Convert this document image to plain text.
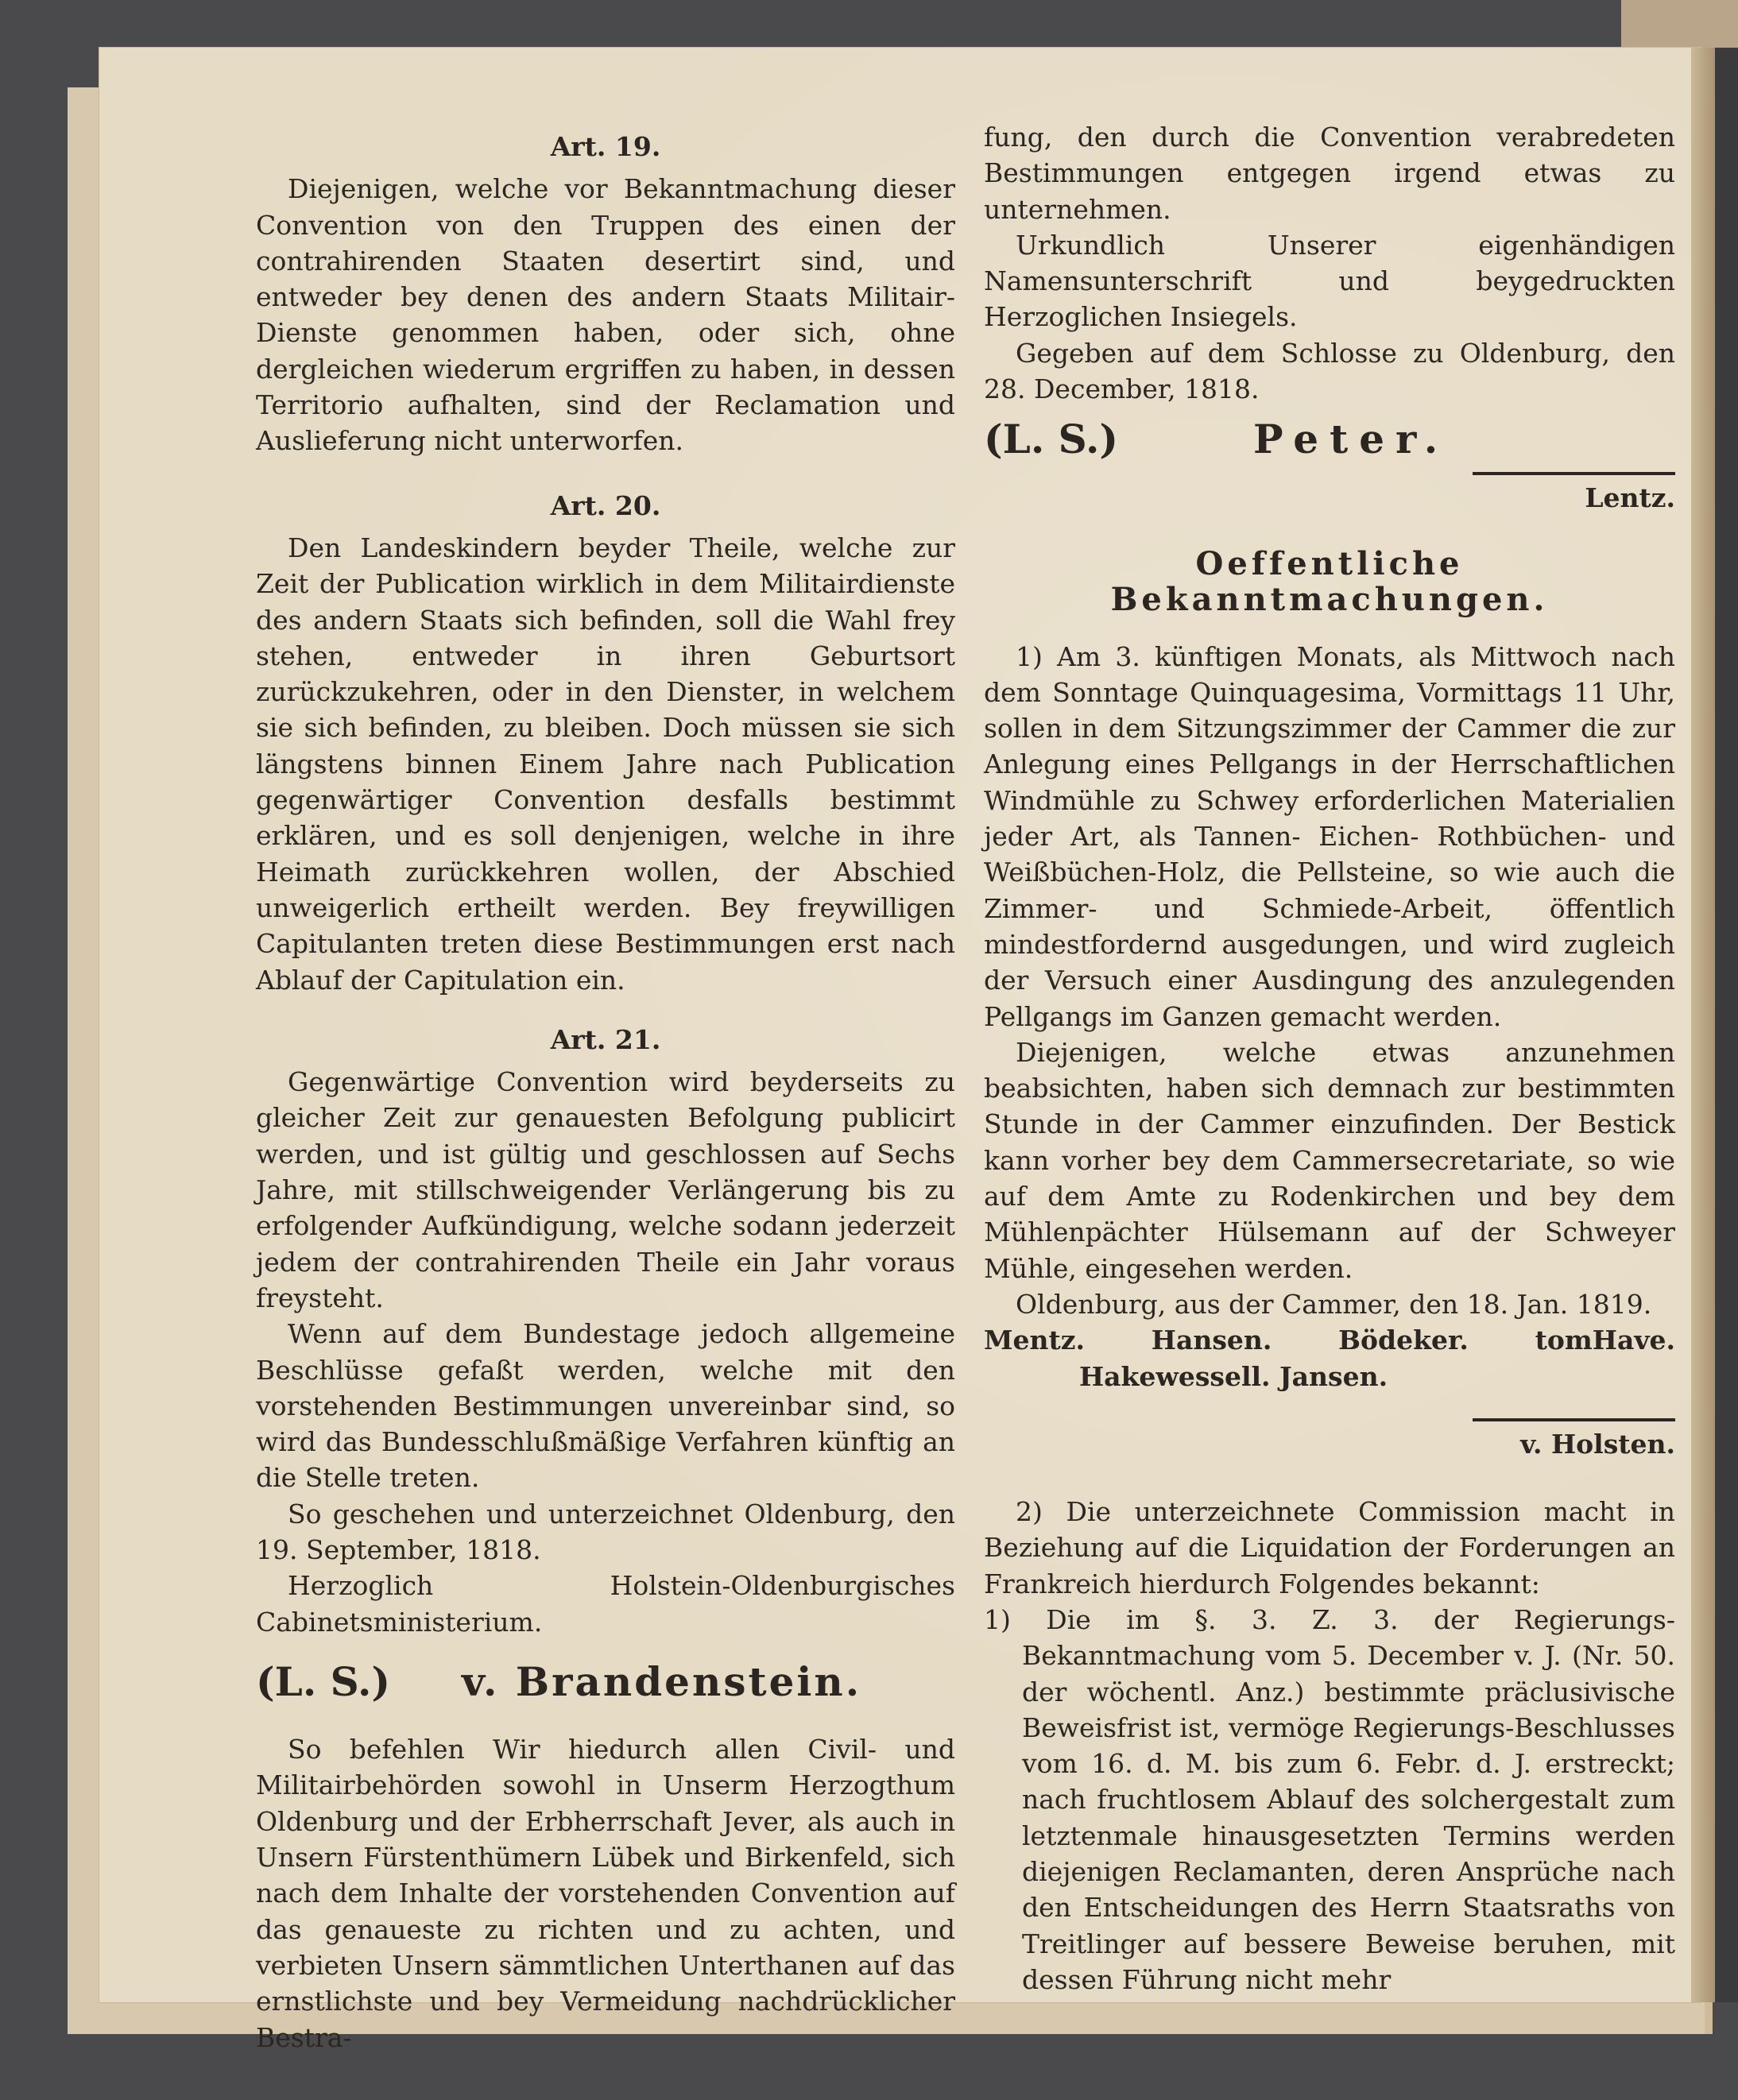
Art. 19.

Diejenigen, welche vor Bekanntmachung dieser Convention von den Truppen des einen der contrahirenden Staaten desertirt sind, und entweder bey denen des andern Staats Militair-Dienste genommen haben, oder sich, ohne dergleichen wiederum ergriffen zu haben, in dessen Territorio aufhalten, sind der Reclamation und Auslieferung nicht unterworfen.

Art. 20.

Den Landeskindern beyder Theile, welche zur Zeit der Publication wirklich in dem Militairdienste des andern Staats sich befinden, soll die Wahl frey stehen, entweder in ihren Geburtsort zurückzukehren, oder in den Dienster, in welchem sie sich befinden, zu bleiben. Doch müssen sie sich längstens binnen Einem Jahre nach Publication gegenwärtiger Convention desfalls bestimmt erklären, und es soll denjenigen, welche in ihre Heimath zurückkehren wollen, der Abschied unweigerlich ertheilt werden. Bey freywilligen Capitulanten treten diese Bestimmungen erst nach Ablauf der Capitulation ein.

Art. 21.

Gegenwärtige Convention wird beyderseits zu gleicher Zeit zur genauesten Befolgung publicirt werden, und ist gültig und geschlossen auf Sechs Jahre, mit stillschweigender Verlängerung bis zu erfolgender Aufkündigung, welche sodann jederzeit jedem der contrahirenden Theile ein Jahr voraus freysteht.

Wenn auf dem Bundestage jedoch allgemeine Beschlüsse gefaßt werden, welche mit den vorstehenden Bestimmungen unvereinbar sind, so wird das Bundesschlußmäßige Verfahren künftig an die Stelle treten.

So geschehen und unterzeichnet Oldenburg, den 19. September, 1818.

Herzoglich Holstein-Oldenburgisches Cabinetsministerium.

(L. S.) v. Brandenstein.

So befehlen Wir hiedurch allen Civil- und Militairbehörden sowohl in Unserm Herzogthum Oldenburg und der Erbherrschaft Jever, als auch in Unsern Fürstenthümern Lübek und Birkenfeld, sich nach dem Inhalte der vorstehenden Convention auf das genaueste zu richten und zu achten, und verbieten Unsern sämmtlichen Unterthanen auf das ernstlichste und bey Vermeidung nachdrücklicher Bestra-

fung, den durch die Convention verabredeten Bestimmungen entgegen irgend etwas zu unternehmen.

Urkundlich Unserer eigenhändigen Namensunterschrift und beygedruckten Herzoglichen Insiegels.

Gegeben auf dem Schlosse zu Oldenburg, den 28. December, 1818.

(L. S.)	Peter.

Lentz.

Oeffentliche Bekanntmachungen.

1) Am 3. künftigen Monats, als Mittwoch nach dem Sonntage Quinquagesima, Vormittags 11 Uhr, sollen in dem Sitzungszimmer der Cammer die zur Anlegung eines Pellgangs in der Herrschaftlichen Windmühle zu Schwey erforderlichen Materialien jeder Art, als Tannen- Eichen- Rothbüchen- und Weißbüchen-Holz, die Pellsteine, so wie auch die Zimmer- und Schmiede-Arbeit, öffentlich mindestfordernd ausgedungen, und wird zugleich der Versuch einer Ausdingung des anzulegenden Pellgangs im Ganzen gemacht werden.

Diejenigen, welche etwas anzunehmen beabsichten, haben sich demnach zur bestimmten Stunde in der Cammer einzufinden. Der Bestick kann vorher bey dem Cammersecretariate, so wie auf dem Amte zu Rodenkirchen und bey dem Mühlenpächter Hülsemann auf der Schweyer Mühle, eingesehen werden.

Oldenburg, aus der Cammer, den 18. Jan. 1819.

Mentz. Hansen. Bödeker. tomHave. Hakewessell. Jansen.

v. Holsten.

2) Die unterzeichnete Commission macht in Beziehung auf die Liquidation der Forderungen an Frankreich hierdurch Folgendes bekannt:

1) Die im §. 3. Z. 3. der Regierungs-Bekanntmachung vom 5. December v. J. (Nr. 50. der wöchentl. Anz.) bestimmte präclusivische Beweisfrist ist, vermöge Regierungs-Beschlusses vom 16. d. M. bis zum 6. Febr. d. J. erstreckt; nach fruchtlosem Ablauf des solchergestalt zum letztenmale hinausgesetzten Termins werden diejenigen Reclamanten, deren Ansprüche nach den Entscheidungen des Herrn Staatsraths von Treitlinger auf bessere Beweise beruhen, mit dessen Führung nicht mehr
